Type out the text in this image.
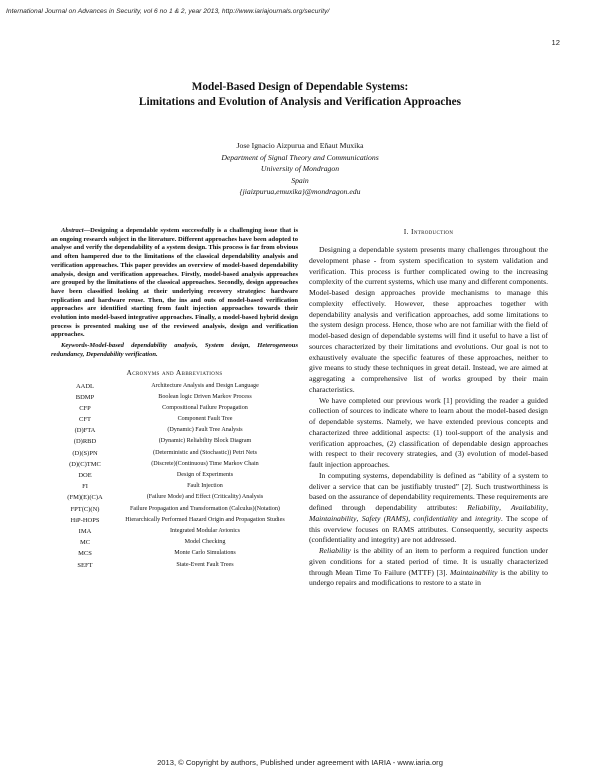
International Journal on Advances in Security, vol 6 no 1 & 2, year 2013, http://www.iariajournals.org/security/
12
Model-Based Design of Dependable Systems:
Limitations and Evolution of Analysis and Verification Approaches
Jose Ignacio Aizpurua and Eñaut Muxika
Department of Signal Theory and Communications
University of Mondragon
Spain
{jiaizpurua,emuxika}@mondragon.edu

Abstract—Designing a dependable system successfully is a challenging issue that is an ongoing research subject in the literature. Different approaches have been adopted to analyse and verify the dependability of a system design. This process is far from obvious and often hampered due to the limitations of the classical dependability analysis and verification approaches. This paper provides an overview of model-based dependability analysis, design and verification approaches. Firstly, model-based analysis approaches are grouped by the limitations of the classical approaches. Secondly, design approaches have been classified looking at their underlying recovery strategies: hardware replication and hardware reuse. Then, the ins and outs of model-based verification approaches are identified starting from fault injection approaches towards their evolution into model-based integrative approaches. Finally, a model-based hybrid design process is presented making use of the reviewed analysis, design and verification approaches.

Keywords-Model-based dependability analysis, System design, Heterogeneous redundancy, Dependability verification.

Acronyms and Abbreviations
AADL	Architecture Analysis and Design Language
BDMP	Boolean logic Driven Markov Process
CFP	Compositional Failure Propagation
CFT	Component Fault Tree
(D)FTA	(Dynamic) Fault Tree Analysis
(D)RBD	(Dynamic) Reliability Block Diagram
(D)(S)PN	(Deterministic and (Stochastic)) Petri Nets
(D)(C)TMC	(Discrete)(Continuous) Time Markov Chain
DOE	Design of Experiments
FI	Fault Injection
(FM)(E)(C)A	(Failure Mode) and Effect (Criticality) Analysis
FPT(C)(N)	Failure Propagation and Transformation (Calculus)(Notation)
HiP-HOPS	Hierarchically Performed Hazard Origin and Propagation Studies
IMA	Integrated Modular Avionics
MC	Model Checking
MCS	Monte Carlo Simulations
SEFT	State-Event Fault Trees
I. Introduction

Designing a dependable system presents many challenges throughout the development phase - from system specification to system validation and verification. This process is further complicated owing to the increasing complexity of the current systems, which use many and different components. Model-based design approaches provide mechanisms to manage this complexity effectively. However, these approaches together with dependability analysis and verification approaches, add some limitations to the system design process. Hence, those who are not familiar with the field of model-based design of dependable systems will find it useful to have a list of sources characterized by their limitations and evolutions. Our goal is not to exhaustively evaluate the specific features of these approaches, neither to give means to study these techniques in great detail. Instead, we are aimed at aggregating a comprehensive list of works grouped by their main characteristics.

We have completed our previous work [1] providing the reader a guided collection of sources to indicate where to learn about the model-based design of dependable systems. Namely, we have extended previous concepts and characterized three additional aspects: (1) tool-support of the analysis and verification approaches, (2) classification of dependable design approaches with respect to their recovery strategies, and (3) evolution of model-based fault injection approaches.

In computing systems, dependability is defined as “ability of a system to deliver a service that can be justifiably trusted” [2]. Such trustworthiness is based on the assurance of dependability requirements. These requirements are defined through dependability attributes: Reliability, Availability, Maintainability, Safety (RAMS), confidentiality and integrity. The scope of this overview focuses on RAMS attributes. Consequently, security aspects (confidentiality and integrity) are not addressed.

Reliability is the ability of an item to perform a required function under given conditions for a stated period of time. It is usually characterized through Mean Time To Failure (MTTF) [3]. Maintainability is the ability to undergo repairs and modifications to restore to a state in

2013, © Copyright by authors, Published under agreement with IARIA - www.iaria.org
